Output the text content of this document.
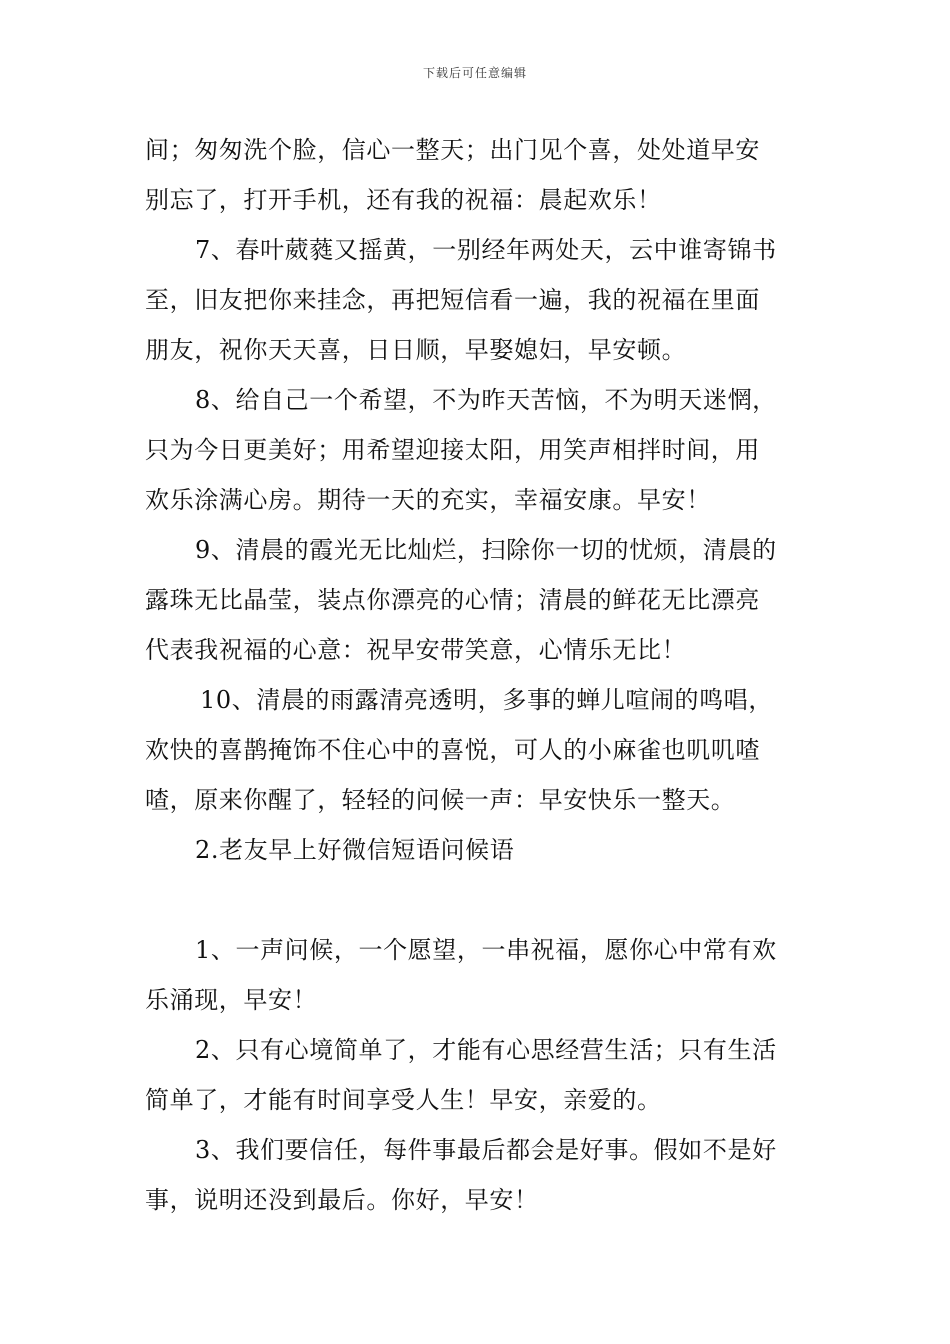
下载后可任意编辑
间；匆匆洗个脸，信心一整天；出门见个喜，处处道早安
别忘了，打开手机，还有我的祝福：晨起欢乐！
7、春叶葳蕤又摇黄，一别经年两处天，云中谁寄锦书
至，旧友把你来挂念，再把短信看一遍，我的祝福在里面
朋友，祝你天天喜，日日顺，早娶媳妇，早安顿。
8、给自己一个希望，不为昨天苦恼，不为明天迷惘，
只为今日更美好；用希望迎接太阳，用笑声相拌时间，用
欢乐涂满心房。期待一天的充实，幸福安康。早安！
9、清晨的霞光无比灿烂，扫除你一切的忧烦，清晨的
露珠无比晶莹，装点你漂亮的心情；清晨的鲜花无比漂亮
代表我祝福的心意：祝早安带笑意，心情乐无比！
10、清晨的雨露清亮透明，多事的蝉儿喧闹的鸣唱，
欢快的喜鹊掩饰不住心中的喜悦，可人的小麻雀也叽叽喳
喳，原来你醒了，轻轻的问候一声：早安快乐一整天。
2.老友早上好微信短语问候语
1、一声问候，一个愿望，一串祝福，愿你心中常有欢
乐涌现，早安！
2、只有心境简单了，才能有心思经营生活；只有生活
简单了，才能有时间享受人生！早安，亲爱的。
3、我们要信任，每件事最后都会是好事。假如不是好
事，说明还没到最后。你好，早安！
